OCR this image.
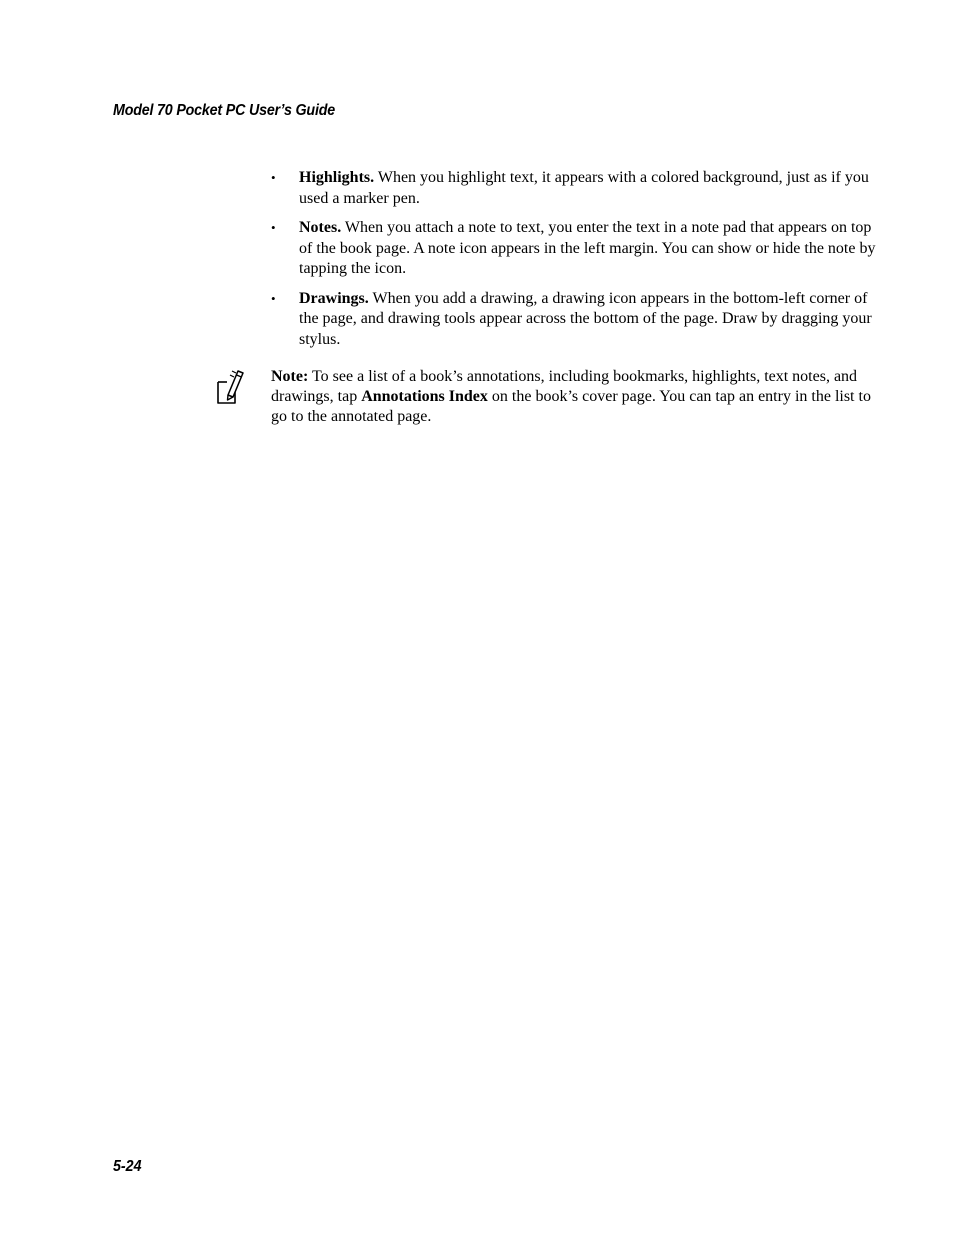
Model 70 Pocket PC User’s Guide
• Highlights. When you highlight text, it appears with a colored background, just as if you used a marker pen.
• Notes. When you attach a note to text, you enter the text in a note pad that appears on top of the book page. A note icon appears in the left margin. You can show or hide the note by tapping the icon.
• Drawings. When you add a drawing, a drawing icon appears in the bottom-left corner of the page, and drawing tools appear across the bottom of the page. Draw by dragging your stylus.
Note: To see a list of a book’s annotations, including bookmarks, highlights, text notes, and drawings, tap Annotations Index on the book’s cover page. You can tap an entry in the list to go to the annotated page.
5-24
